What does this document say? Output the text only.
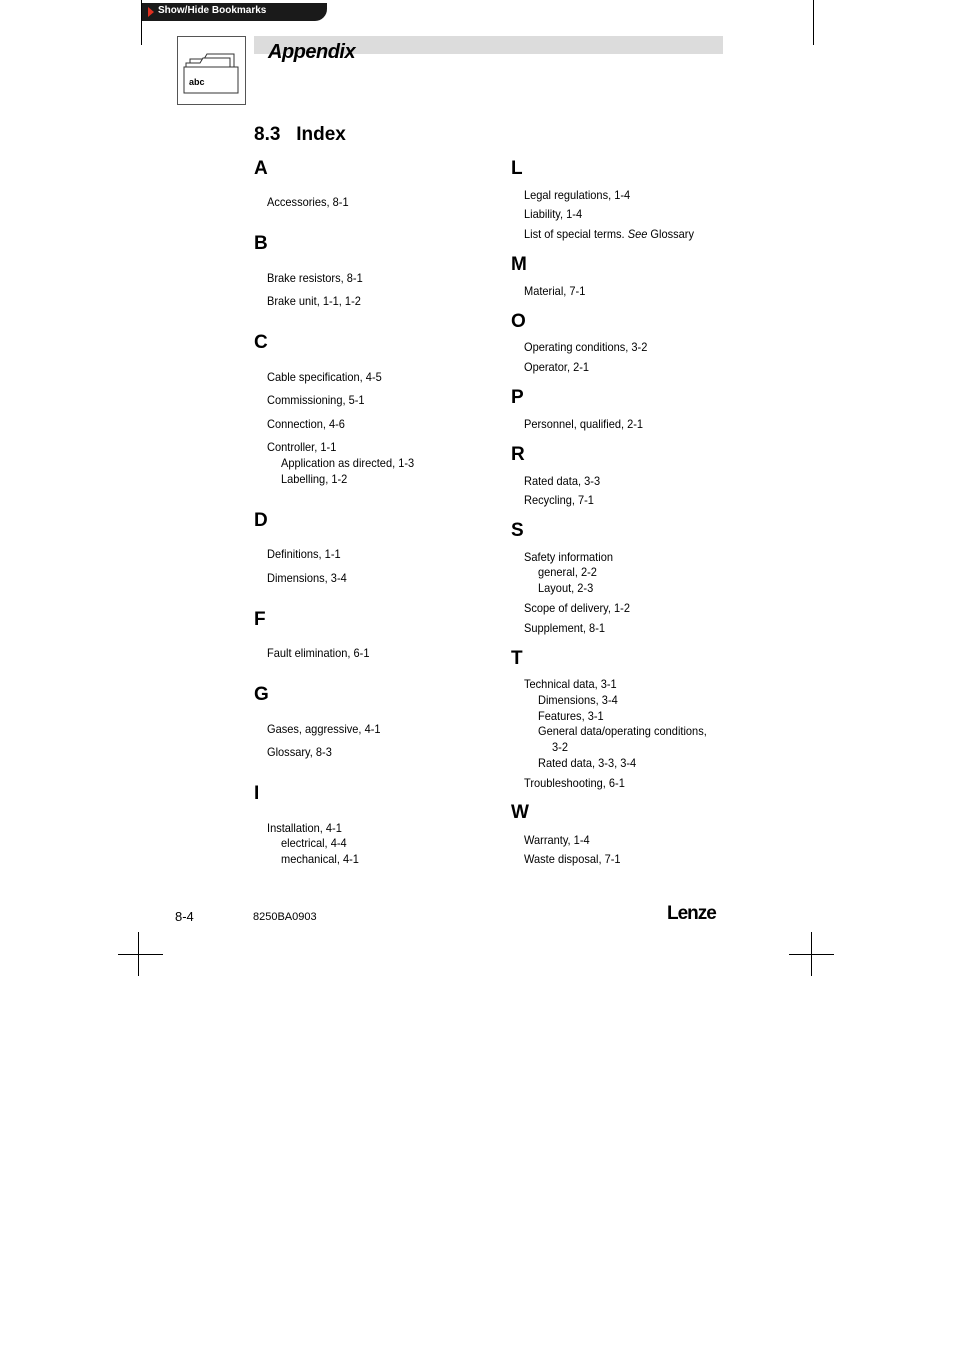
Show/Hide Bookmarks
abc
Appendix
8.3   Index
A
Accessories, 8-1
B
Brake resistors, 8-1
Brake unit, 1-1, 1-2
C
Cable specification, 4-5
Commissioning, 5-1
Connection, 4-6
Controller, 1-1
Application as directed, 1-3
Labelling, 1-2
D
Definitions, 1-1
Dimensions, 3-4
F
Fault elimination, 6-1
G
Gases, aggressive, 4-1
Glossary, 8-3
I
Installation, 4-1
electrical, 4-4
mechanical, 4-1
L
Legal regulations, 1-4
Liability, 1-4
List of special terms. See Glossary
M
Material, 7-1
O
Operating conditions, 3-2
Operator, 2-1
P
Personnel, qualified, 2-1
R
Rated data, 3-3
Recycling, 7-1
S
Safety information
general, 2-2
Layout, 2-3
Scope of delivery, 1-2
Supplement, 8-1
T
Technical data, 3-1
Dimensions, 3-4
Features, 3-1
General data/operating conditions,
3-2
Rated data, 3-3, 3-4
Troubleshooting, 6-1
W
Warranty, 1-4
Waste disposal, 7-1
8-4	8250BA0903	Lenze
